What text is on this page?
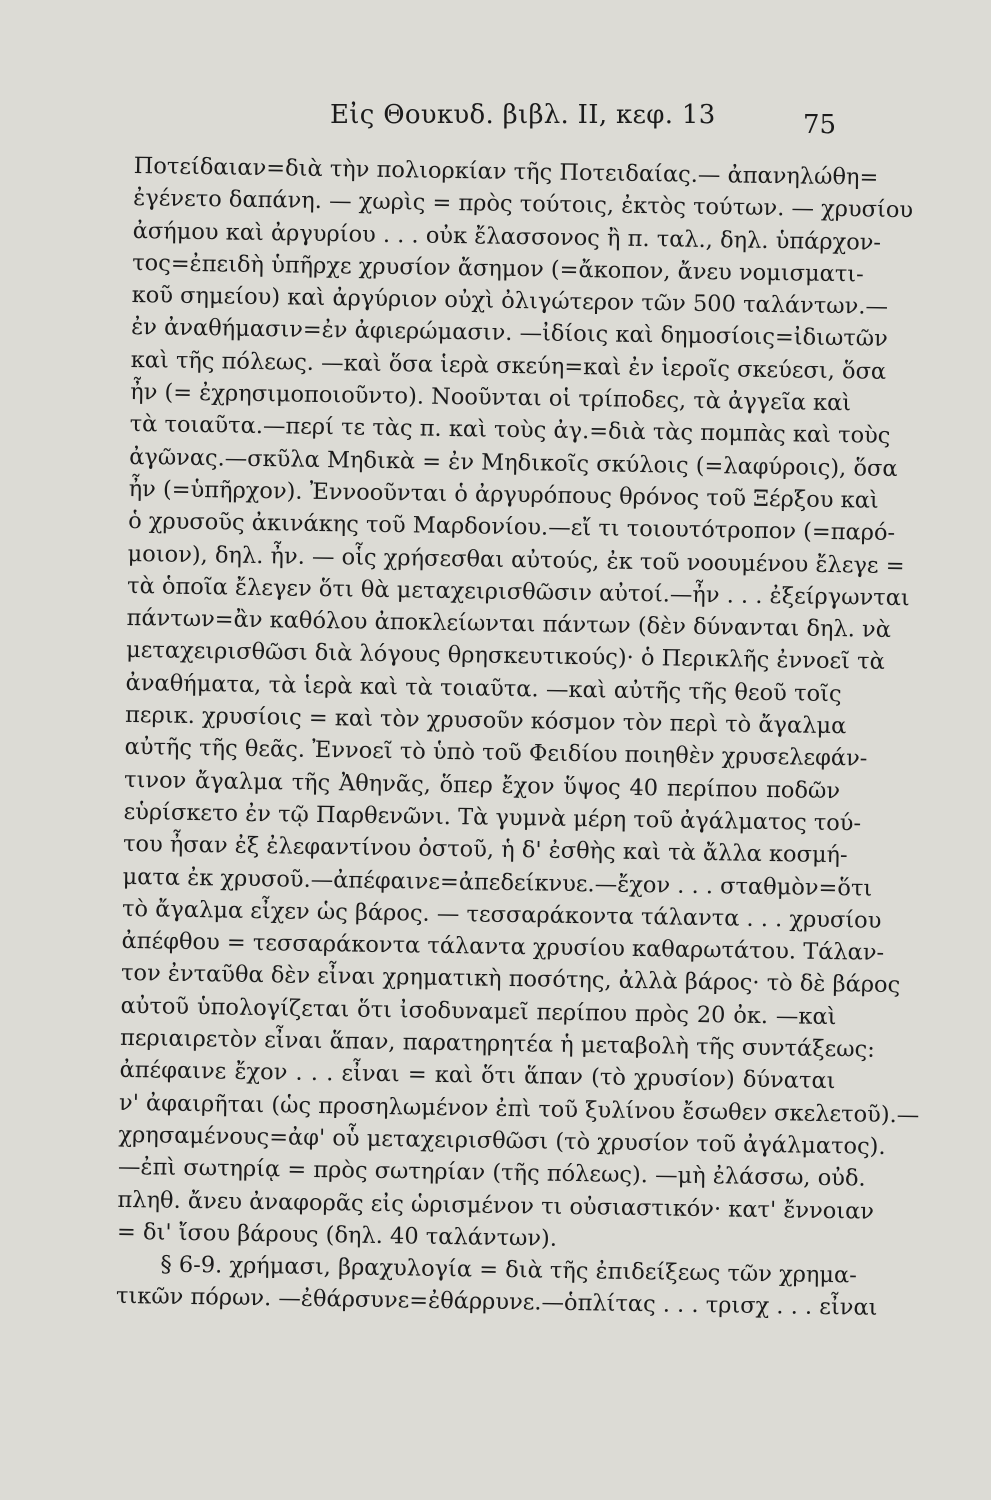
Εἰς Θουκυδ. βιβλ. II, κεφ. 13	75
Ποτείδαιαν=διὰ τὴν πολιορκίαν τῆς Ποτειδαίας.— ἀπανηλώθη=
ἐγένετο δαπάνη. — χωρὶς = πρὸς τούτοις, ἐκτὸς τούτων. — χρυσίου
ἀσήμου καὶ ἀργυρίου . . . οὐκ ἔλασσονος ἢ π. ταλ., δηλ. ὑπάρχον-
τος=ἐπειδὴ ὑπῆρχε χρυσίον ἄσημον (=ἄκοπον, ἄνευ νομισματι-
κοῦ σημείου) καὶ ἀργύριον οὐχὶ ὀλιγώτερον τῶν 500 ταλάντων.—
ἐν ἀναθήμασιν=ἐν ἀφιερώμασιν. —ἰδίοις καὶ δημοσίοις=ἰδιωτῶν
καὶ τῆς πόλεως. —καὶ ὅσα ἱερὰ σκεύη=καὶ ἐν ἱεροῖς σκεύεσι, ὅσα
ἦν (= ἐχρησιμοποιοῦντο). Νοοῦνται οἱ τρίποδες, τὰ ἀγγεῖα καὶ
τὰ τοιαῦτα.—περί τε τὰς π. καὶ τοὺς ἀγ.=διὰ τὰς πομπὰς καὶ τοὺς
ἀγῶνας.—σκῦλα Μηδικὰ = ἐν Μηδικοῖς σκύλοις (=λαφύροις), ὅσα
ἦν (=ὑπῆρχον). Ἐννοοῦνται ὁ ἀργυρόπους θρόνος τοῦ Ξέρξου καὶ
ὁ χρυσοῦς ἀκινάκης τοῦ Μαρδονίου.—εἴ τι τοιουτότροπον (=παρό-
μοιον), δηλ. ἦν. — οἷς χρήσεσθαι αὐτούς, ἐκ τοῦ νοουμένου ἔλεγε =
τὰ ὁποῖα ἔλεγεν ὅτι θὰ μεταχειρισθῶσιν αὐτοί.—ἦν . . . ἐξείργωνται
πάντων=ἂν καθόλου ἀποκλείωνται πάντων (δὲν δύνανται δηλ. νὰ
μεταχειρισθῶσι διὰ λόγους θρησκευτικούς)· ὁ Περικλῆς ἐννοεῖ τὰ
ἀναθήματα, τὰ ἱερὰ καὶ τὰ τοιαῦτα. —καὶ αὐτῆς τῆς θεοῦ τοῖς
περικ. χρυσίοις = καὶ τὸν χρυσοῦν κόσμον τὸν περὶ τὸ ἄγαλμα
αὐτῆς τῆς θεᾶς. Ἐννοεῖ τὸ ὑπὸ τοῦ Φειδίου ποιηθὲν χρυσελεφάν-
τινον ἄγαλμα τῆς Ἀθηνᾶς, ὅπερ ἔχον ὕψος 40 περίπου ποδῶν
εὑρίσκετο ἐν τῷ Παρθενῶνι. Τὰ γυμνὰ μέρη τοῦ ἀγάλματος τού-
του ἦσαν ἐξ ἐλεφαντίνου ὀστοῦ, ἡ δ' ἐσθὴς καὶ τὰ ἄλλα κοσμή-
ματα ἐκ χρυσοῦ.—ἀπέφαινε=ἀπεδείκνυε.—ἔχον . . . σταθμὸν=ὅτι
τὸ ἄγαλμα εἶχεν ὡς βάρος. — τεσσαράκοντα τάλαντα . . . χρυσίου
ἀπέφθου = τεσσαράκοντα τάλαντα χρυσίου καθαρωτάτου. Τάλαν-
τον ἐνταῦθα δὲν εἶναι χρηματικὴ ποσότης, ἀλλὰ βάρος· τὸ δὲ βάρος
αὐτοῦ ὑπολογίζεται ὅτι ἰσοδυναμεῖ περίπου πρὸς 20 ὀκ. —καὶ
περιαιρετὸν εἶναι ἅπαν, παρατηρητέα ἡ μεταβολὴ τῆς συντάξεως:
ἀπέφαινε ἔχον . . . εἶναι = καὶ ὅτι ἅπαν (τὸ χρυσίον) δύναται
ν' ἀφαιρῆται (ὡς προσηλωμένον ἐπὶ τοῦ ξυλίνου ἔσωθεν σκελετοῦ).—
χρησαμένους=ἀφ' οὗ μεταχειρισθῶσι (τὸ χρυσίον τοῦ ἀγάλματος).
—ἐπὶ σωτηρίᾳ = πρὸς σωτηρίαν (τῆς πόλεως). —μὴ ἐλάσσω, οὐδ.
πληθ. ἄνευ ἀναφορᾶς εἰς ὡρισμένον τι οὐσιαστικόν· κατ' ἔννοιαν
= δι' ἴσου βάρους (δηλ. 40 ταλάντων).
§ 6-9. χρήμασι, βραχυλογία = διὰ τῆς ἐπιδείξεως τῶν χρημα-
τικῶν πόρων. —ἐθάρσυνε=ἐθάρρυνε.—ὁπλίτας . . . τρισχ . . . εἶναι
